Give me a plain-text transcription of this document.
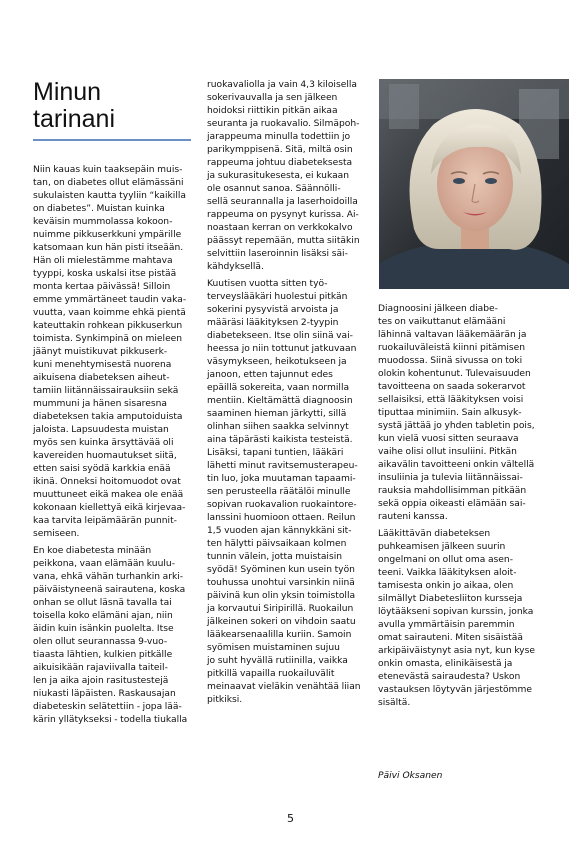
Minun
tarinani
Niin kauas kuin taaksepäin muis-
tan, on diabetes ollut elämässäni
sukulaisten kautta tyyliin “kaikilla
on diabetes”. Muistan kuinka
keväisin mummolassa kokoon-
nuimme pikkuserkkuni ympärille
katsomaan kun hän pisti itseään.
Hän oli mielestämme mahtava
tyyppi, koska uskalsi itse pistää
monta kertaa päivässä! Silloin
emme ymmärtäneet taudin vaka-
vuutta, vaan koimme ehkä pientä
kateuttakin rohkean pikkuserkun
toimista. Synkimpinä on mieleen
jäänyt muistikuvat pikkuserk-
kuni menehtymisestä nuorena
aikuisena diabeteksen aiheut-
tamiin liitännäissairauksiin sekä
mummuni ja hänen sisaresna
diabeteksen takia amputoiduista
jaloista. Lapsuudesta muistan
myös sen kuinka ärsyttävää oli
kavereiden huomautukset siitä,
etten saisi syödä karkkia enää
ikinä. Onneksi hoitomuodot ovat
muuttuneet eikä makea ole enää
kokonaan kiellettyä eikä kirjevaa-
kaa tarvita leipämäärän punnit-
semiseen.
En koe diabetesta minään
peikkona, vaan elämään kuulu-
vana, ehkä vähän turhankin arki-
päiväistyneenä sairautena, koska
onhan se ollut läsnä tavalla tai
toisella koko elämäni ajan, niin
äidin kuin isänkin puolelta. Itse
olen ollut seurannassa 9-vuo-
tiaasta lähtien, kulkien pitkälle
aikuisikään rajaviivalla taiteil-
len ja aika ajoin rasitustestejä
niukasti läpäisten. Raskausajan
diabeteskin selätettiin - jopa lää-
kärin yllätykseksi - todella tiukalla
ruokavaliolla ja vain 4,3 kiloisella
sokerivauvalla ja sen jälkeen
hoidoksi riittikin pitkän aikaa
seuranta ja ruokavalio. Silmäpoh-
jarappeuma minulla todettiin jo
parikymppisenä. Sitä, miltä osin
rappeuma johtuu diabeteksesta
ja sukurasitukesesta, ei kukaan
ole osannut sanoa. Säännölli-
sellä seurannalla ja laserhoidoilla
rappeuma on pysynyt kurissa. Ai-
noastaan kerran on verkkokalvo
päässyt repemään, mutta siitäkin
selvittiin laseroinnin lisäksi säi-
kähdyksellä.
Kuutisen vuotta sitten työ-
terveyslääkäri huolestui pitkän
sokerini pysyvistä arvoista ja
määräsi lääkityksen 2-tyypin
diabetekseen. Itse olin siinä vai-
heessa jo niin tottunut jatkuvaan
väsymykseen, heikotukseen ja
janoon, etten tajunnut edes
epäillä sokereita, vaan normilla
mentiin. Kieltämättä diagnoosin
saaminen hieman järkytti, sillä
olinhan siihen saakka selvinnyt
aina täpärästi kaikista testeistä.
Lisäksi, tapani tuntien, lääkäri
lähetti minut ravitsemusterapeu-
tin luo, joka muutaman tapaami-
sen perusteella räätälöi minulle
sopivan ruokavalion ruokaintore-
lanssini huomioon ottaen. Reilun
1,5 vuoden ajan kännykkäni sit-
ten hälytti päivsaikaan kolmen
tunnin välein, jotta muistaisin
syödä! Syöminen kun usein työn
touhussa unohtui varsinkin niinä
päivinä kun olin yksin toimistolla
ja korvautui Siripirillä. Ruokailun
jälkeinen sokeri on vihdoin saatu
lääkearsenaalilla kuriin. Samoin
syömisen muistaminen sujuu
jo suht hyvällä rutiinilla, vaikka
pitkillä vapailla ruokailuvälit
meinaavat vieläkin venähtää liian
pitkiksi.
Diagnoosini jälkeen diabe-
tes on vaikuttanut elämääni
lähinnä valtavan lääkemäärän ja
ruokailuväleistä kiinni pitämisen
muodossa. Siinä sivussa on toki
olokin kohentunut. Tulevaisuuden
tavoitteena on saada sokerarvot
sellaisiksi, että lääkityksen voisi
tiputtaa minimiin. Sain alkusyk-
systä jättää jo yhden tabletin pois,
kun vielä vuosi sitten seuraava
vaihe olisi ollut insuliini. Pitkän
aikavälin tavoitteeni onkin vältellä
insuliinia ja tulevia liitännäissai-
rauksia mahdollisimman pitkään
sekä oppia oikeasti elämään sai-
rauteni kanssa.
Lääkittävän diabeteksen
puhkeamisen jälkeen suurin
ongelmani on ollut oma asen-
teeni. Vaikka lääkityksen aloit-
tamisesta onkin jo aikaa, olen
silmällyt Diabetesliiton kursseja
löytääkseni sopivan kurssin, jonka
avulla ymmärtäisin paremmin
omat sairauteni. Miten sisäistää
arkipäiväistynyt asia nyt, kun kyse
onkin omasta, elinikäisestä ja
etenevästä sairaudesta? Uskon
vastauksen löytyvän järjestömme
sisältä.
Päivi Oksanen
5
